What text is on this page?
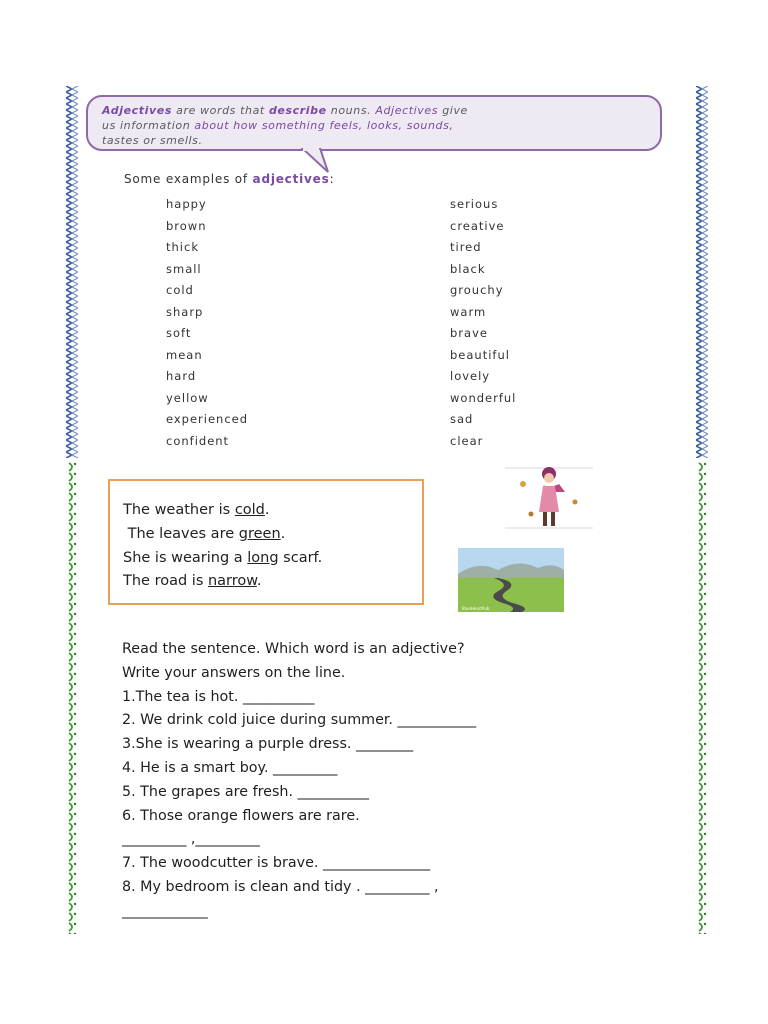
Adjectives are words that describe nouns. Adjectives give
us information about how something feels, looks, sounds,
tastes or smells.
Some examples of adjectives:
happy
brown
thick
small
cold
sharp
soft
mean
hard
yellow
experienced
confident
serious
creative
tired
black
grouchy
warm
brave
beautiful
lovely
wonderful
sad
clear
The weather is cold.
The leaves are green.
She is wearing a long scarf.
The road is narrow.
BlueHeartPub
Read the sentence. Which word is an adjective?
Write your answers on the line.
1.The tea is hot. __________
2. We drink cold juice during summer. ___________
3.She is wearing a purple dress. ________
4. He is a smart boy. _________
5. The grapes are fresh. __________
6. Those orange flowers are rare.
_________ ,_________
7. The woodcutter is brave. _______________
8. My bedroom is clean and tidy . _________ ,
____________
